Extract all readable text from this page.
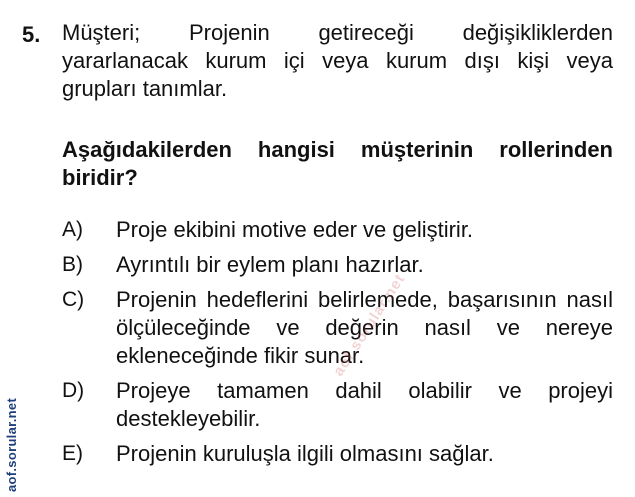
5. Müşteri; Projenin getireceği değişikliklerden yararlanacak kurum içi veya kurum dışı kişi veya grupları tanımlar.
Aşağıdakilerden hangisi müşterinin rollerinden biridir?
A)	Proje ekibini motive eder ve geliştirir.
B)	Ayrıntılı bir eylem planı hazırlar.
C)	Projenin hedeflerini belirlemede, başarısının nasıl ölçüleceğinde ve değerin nasıl ve nereye ekleneceğinde fikir sunar.
D)	Projeye tamamen dahil olabilir ve projeyi destekleyebilir.
E)	Projenin kuruluşla ilgili olmasını sağlar.
aof.sorular.net
aof.sorular.net
